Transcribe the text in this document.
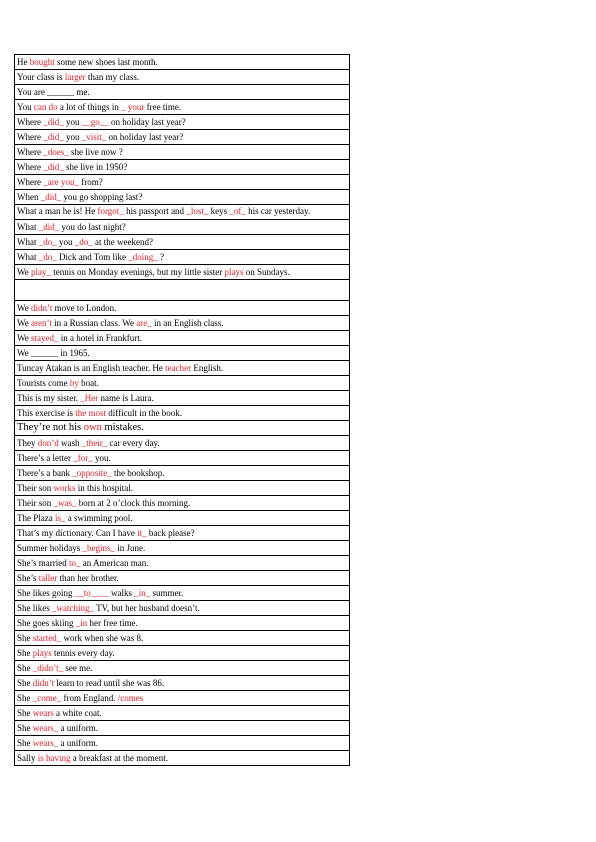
He bought some new shoes last month.
Your class is larger than my class.
You are ______ me.
You can do a lot of things in _ your free time.
Where _did_ you __go__ on holiday last year?
Where _did_ you _visit_ on holiday last year?
Where _does_ she live now ?
Where _did_ she live in 1950?
Where _are you_ from?
When _did_ you go shopping last?
What a man he is! He forgot_ his passport and _lost_ keys _of_ his car yesterday.
What _did_ you do last night?
What _do_ you _do_ at the weekend?
What _do_ Dick and Tom like _doing_ ?
We play_ tennis on Monday evenings, but my little sister plays on Sundays.

We didn’t move to London.
We aren’t in a Russian class. We are_ in an English class.
We stayed_ in a hotel in Frankfurt.
We ______ in 1965.
Tuncay Atakan is an English teacher. He teacher English.
Tourists come by boat.
This is my sister. _Her name is Laura.
This exercise is the most difficult in the book.
They’re not his own mistakes.
They don’d wash _their_ car every day.
There’s a letter _for_ you.
There’s a bank _opposite_ the bookshop.
Their son works in this hospital.
Their son _was_ born at 2 o’clock this morning.
The Plaza is_ a swimming pool.
That’s my dictionary. Can I have it_ back please?
Summer holidays _begins_ in June.
She’s married to_ an American man.
She’s taller than her brother.
She likes going __to____ walks _in_ summer.
She likes _watching_ TV, but her husband doesn’t.
She goes skiing _in her free time.
She started_ work when she was 8.
She plays tennis every day.
She _didn’t_ see me.
She didn’t learn to read until she was 86.
She _come_ from England. /comes
She wears a white coat.
She wears_ a uniform.
She wears_ a uniform.
Sally is having a breakfast at the moment.
